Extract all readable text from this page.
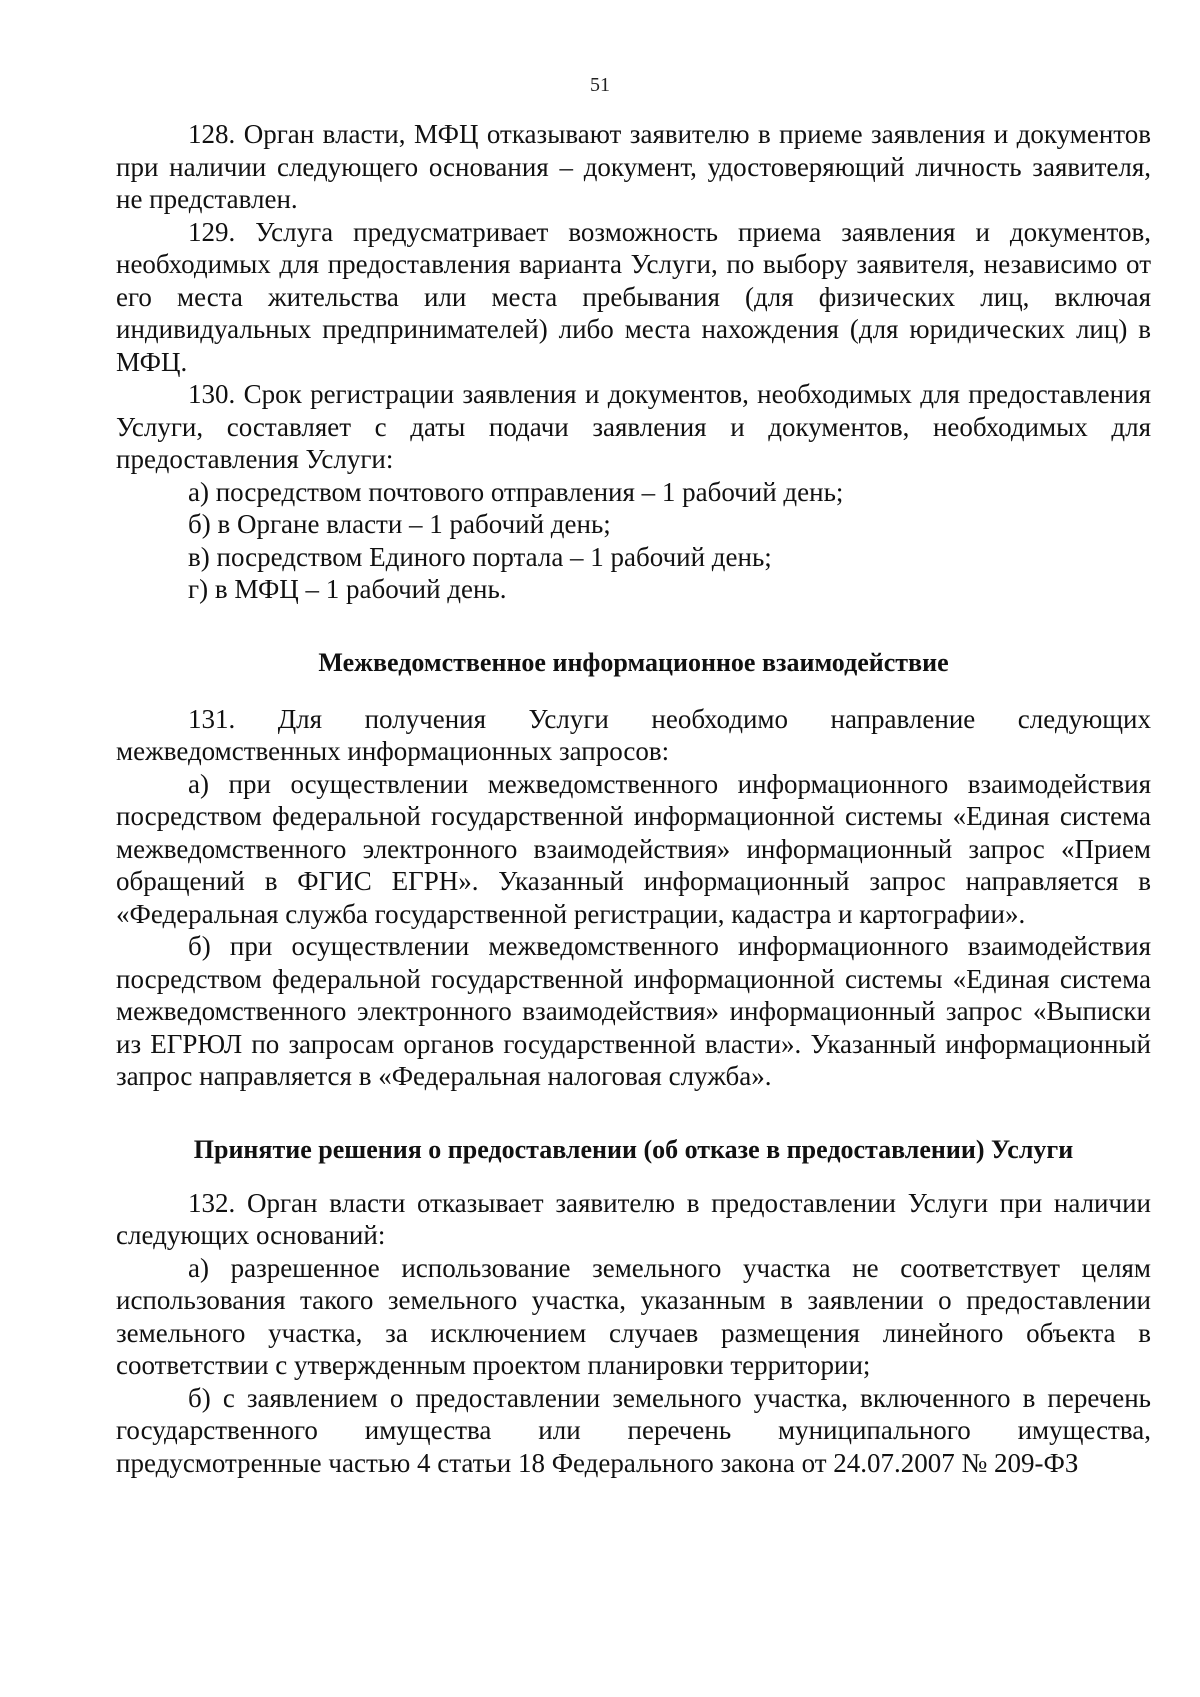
51

128. Орган власти, МФЦ отказывают заявителю в приеме заявления и документов при наличии следующего основания – документ, удостоверяющий личность заявителя, не представлен.

129. Услуга предусматривает возможность приема заявления и документов, необходимых для предоставления варианта Услуги, по выбору заявителя, независимо от его места жительства или места пребывания (для физических лиц, включая индивидуальных предпринимателей) либо места нахождения (для юридических лиц) в МФЦ.

130. Срок регистрации заявления и документов, необходимых для предоставления Услуги, составляет с даты подачи заявления и документов, необходимых для предоставления Услуги:

а) посредством почтового отправления – 1 рабочий день;

б) в Органе власти – 1 рабочий день;

в) посредством Единого портала – 1 рабочий день;

г) в МФЦ – 1 рабочий день.

Межведомственное информационное взаимодействие

131. Для получения Услуги необходимо направление следующих межведомственных информационных запросов:

а) при осуществлении межведомственного информационного взаимодействия посредством федеральной государственной информационной системы «Единая система межведомственного электронного взаимодействия» информационный запрос «Прием обращений в ФГИС ЕГРН». Указанный информационный запрос направляется в «Федеральная служба государственной регистрации, кадастра и картографии».

б) при осуществлении межведомственного информационного взаимодействия посредством федеральной государственной информационной системы «Единая система межведомственного электронного взаимодействия» информационный запрос «Выписки из ЕГРЮЛ по запросам органов государственной власти». Указанный информационный запрос направляется в «Федеральная налоговая служба».

Принятие решения о предоставлении (об отказе в предоставлении) Услуги

132. Орган власти отказывает заявителю в предоставлении Услуги при наличии следующих оснований:

а) разрешенное использование земельного участка не соответствует целям использования такого земельного участка, указанным в заявлении о предоставлении земельного участка, за исключением случаев размещения линейного объекта в соответствии с утвержденным проектом планировки территории;

б) с заявлением о предоставлении земельного участка, включенного в перечень государственного имущества или перечень муниципального имущества, предусмотренные частью 4 статьи 18 Федерального закона от 24.07.2007 № 209-ФЗ
